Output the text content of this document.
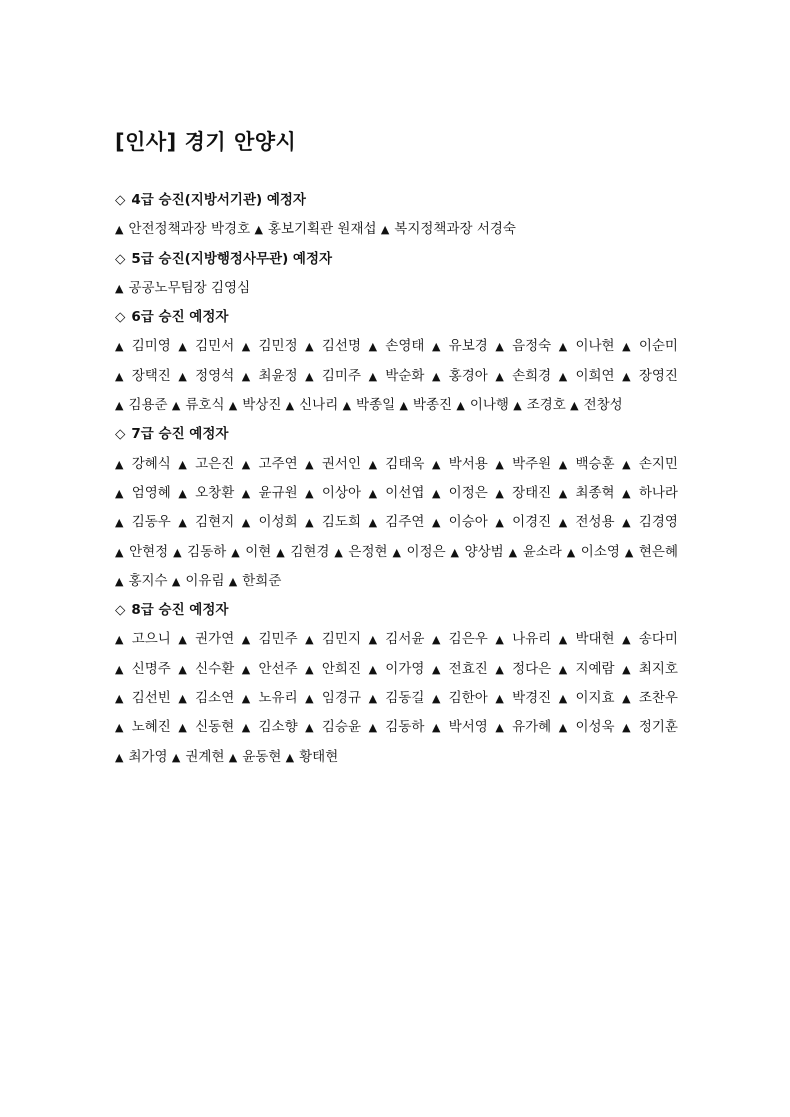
[인사] 경기 안양시
◇ 4급 승진(지방서기관) 예정자
▲ 안전정책과장 박경호 ▲ 홍보기획관 원재섭 ▲ 복지정책과장 서경숙
◇ 5급 승진(지방행정사무관) 예정자
▲ 공공노무팀장 김영심
◇ 6급 승진 예정자
▲ 김미영 ▲ 김민서 ▲ 김민정 ▲ 김선명 ▲ 손영태 ▲ 유보경 ▲ 음정숙 ▲ 이나현 ▲ 이순미 ▲ 장택진 ▲ 정영석 ▲ 최윤정 ▲ 김미주 ▲ 박순화 ▲ 홍경아 ▲ 손희경 ▲ 이희연 ▲ 장영진 ▲ 김용준 ▲ 류호식 ▲ 박상진 ▲ 신나리 ▲ 박종일 ▲ 박종진 ▲ 이나행 ▲ 조경호 ▲ 전창성
◇ 7급 승진 예정자
▲ 강혜식 ▲ 고은진 ▲ 고주연 ▲ 권서인 ▲ 김태욱 ▲ 박서용 ▲ 박주원 ▲ 백승훈 ▲ 손지민 ▲ 엄영혜 ▲ 오창환 ▲ 윤규원 ▲ 이상아 ▲ 이선엽 ▲ 이정은 ▲ 장태진 ▲ 최종혁 ▲ 하나라 ▲ 김동우 ▲ 김현지 ▲ 이성희 ▲ 김도희 ▲ 김주연 ▲ 이승아 ▲ 이경진 ▲ 전성용 ▲ 김경영 ▲ 안현정 ▲ 김동하 ▲ 이현 ▲ 김현경 ▲ 은정현 ▲ 이정은 ▲ 양상범 ▲ 윤소라 ▲ 이소영 ▲ 현은혜 ▲ 홍지수 ▲ 이유림 ▲ 한희준
◇ 8급 승진 예정자
▲ 고으니 ▲ 권가연 ▲ 김민주 ▲ 김민지 ▲ 김서윤 ▲ 김은우 ▲ 나유리 ▲ 박대현 ▲ 송다미 ▲ 신명주 ▲ 신수환 ▲ 안선주 ▲ 안희진 ▲ 이가영 ▲ 전효진 ▲ 정다은 ▲ 지예람 ▲ 최지호 ▲ 김선빈 ▲ 김소연 ▲ 노유리 ▲ 임경규 ▲ 김동길 ▲ 김한아 ▲ 박경진 ▲ 이지효 ▲ 조찬우 ▲ 노혜진 ▲ 신동현 ▲ 김소향 ▲ 김승윤 ▲ 김동하 ▲ 박서영 ▲ 유가혜 ▲ 이성욱 ▲ 정기훈 ▲ 최가영 ▲ 권계현 ▲ 윤동현 ▲ 황태현
